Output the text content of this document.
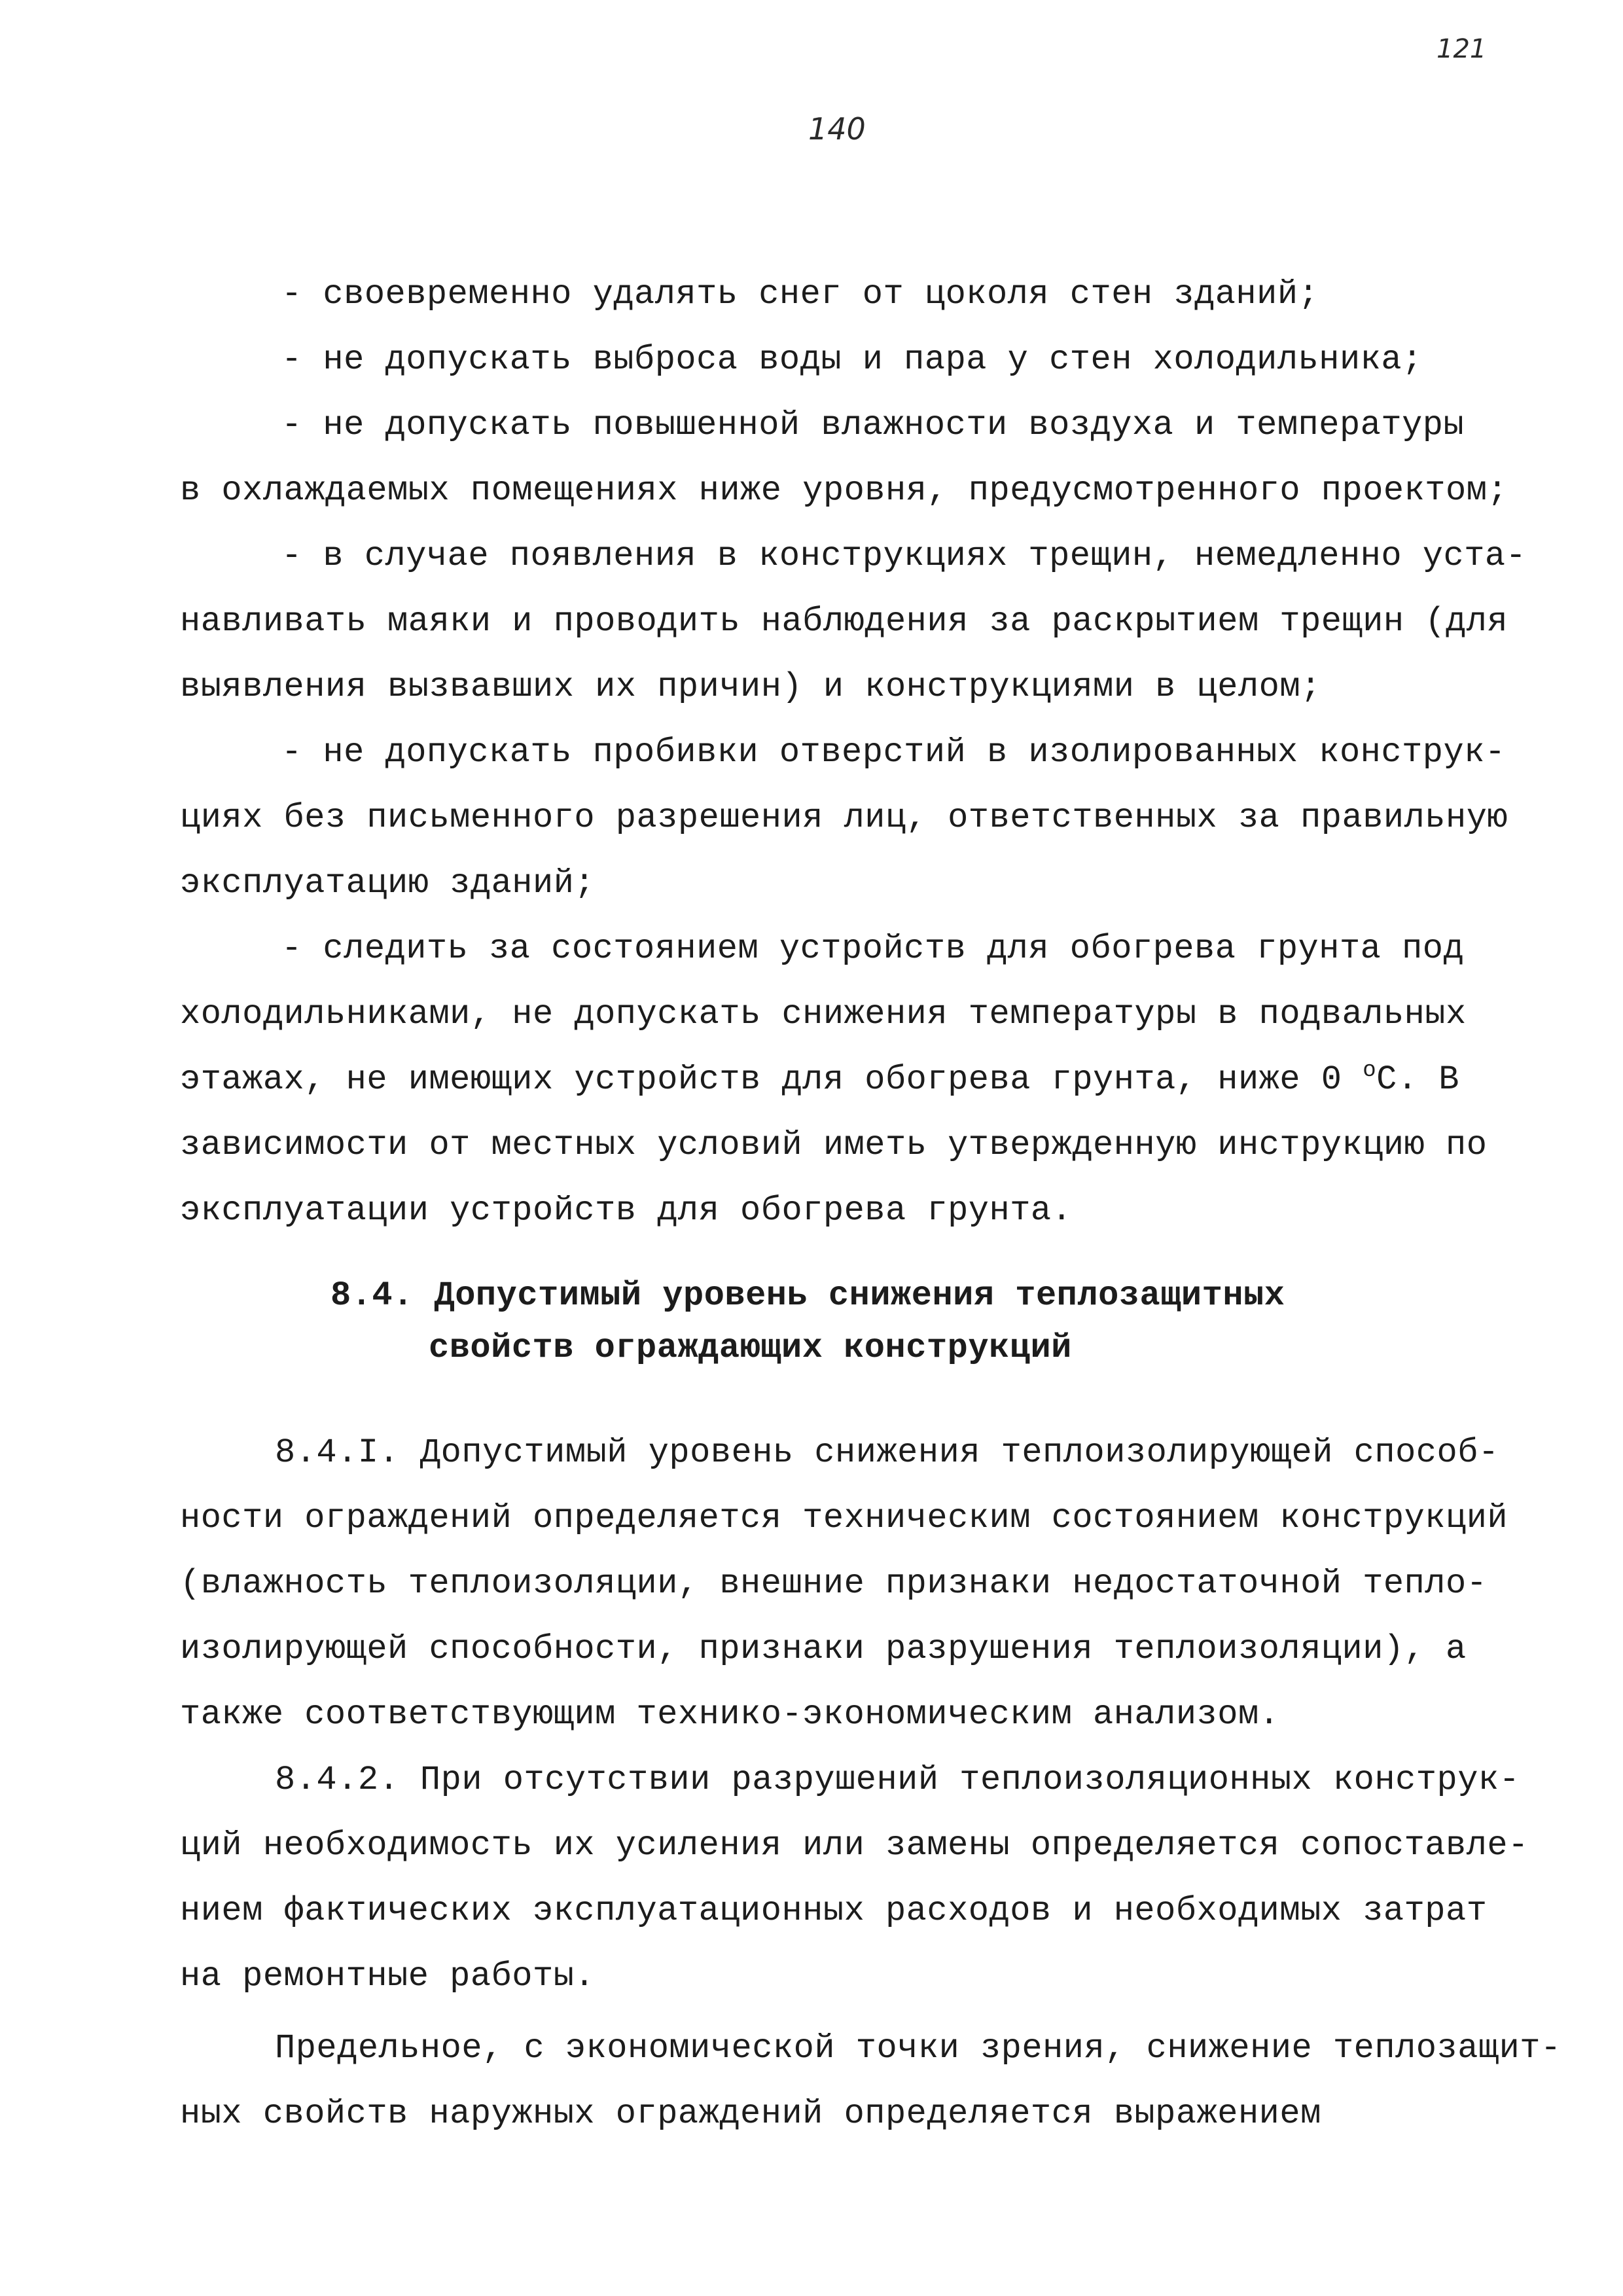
121
140
- своевременно удалять снег от цоколя стен зданий;
- не допускать выброса воды и пара у стен холодильника;
- не допускать повышенной влажности воздуха и температуры
в охлаждаемых помещениях ниже уровня, предусмотренного проектом;
- в случае появления в конструкциях трещин, немедленно уста-
навливать маяки и проводить наблюдения за раскрытием трещин (для
выявления вызвавших их причин) и конструкциями в целом;
- не допускать пробивки отверстий в изолированных конструк-
циях без письменного разрешения лиц, ответственных за правильную
эксплуатацию зданий;
- следить за состоянием устройств для обогрева грунта под
холодильниками, не допускать снижения температуры в подвальных
этажах, не имеющих устройств для обогрева грунта, ниже 0 $^о$С. В
зависимости от местных условий иметь утвержденную инструкцию по
эксплуатации устройств для обогрева грунта.
8.4. Допустимый уровень снижения теплозащитных
свойств ограждающих конструкций
8.4.I. Допустимый уровень снижения теплоизолирующей способ-
ности ограждений определяется техническим состоянием конструкций
(влажность теплоизоляции, внешние признаки недостаточной тепло-
изолирующей способности, признаки разрушения теплоизоляции), а
также соответствующим технико-экономическим анализом.
8.4.2. При отсутствии разрушений теплоизоляционных конструк-
ций необходимость их усиления или замены определяется сопоставле-
нием фактических эксплуатационных расходов и необходимых затрат
на ремонтные работы.
Предельное, с экономической точки зрения, снижение теплозащит-
ных свойств наружных ограждений определяется выражением
